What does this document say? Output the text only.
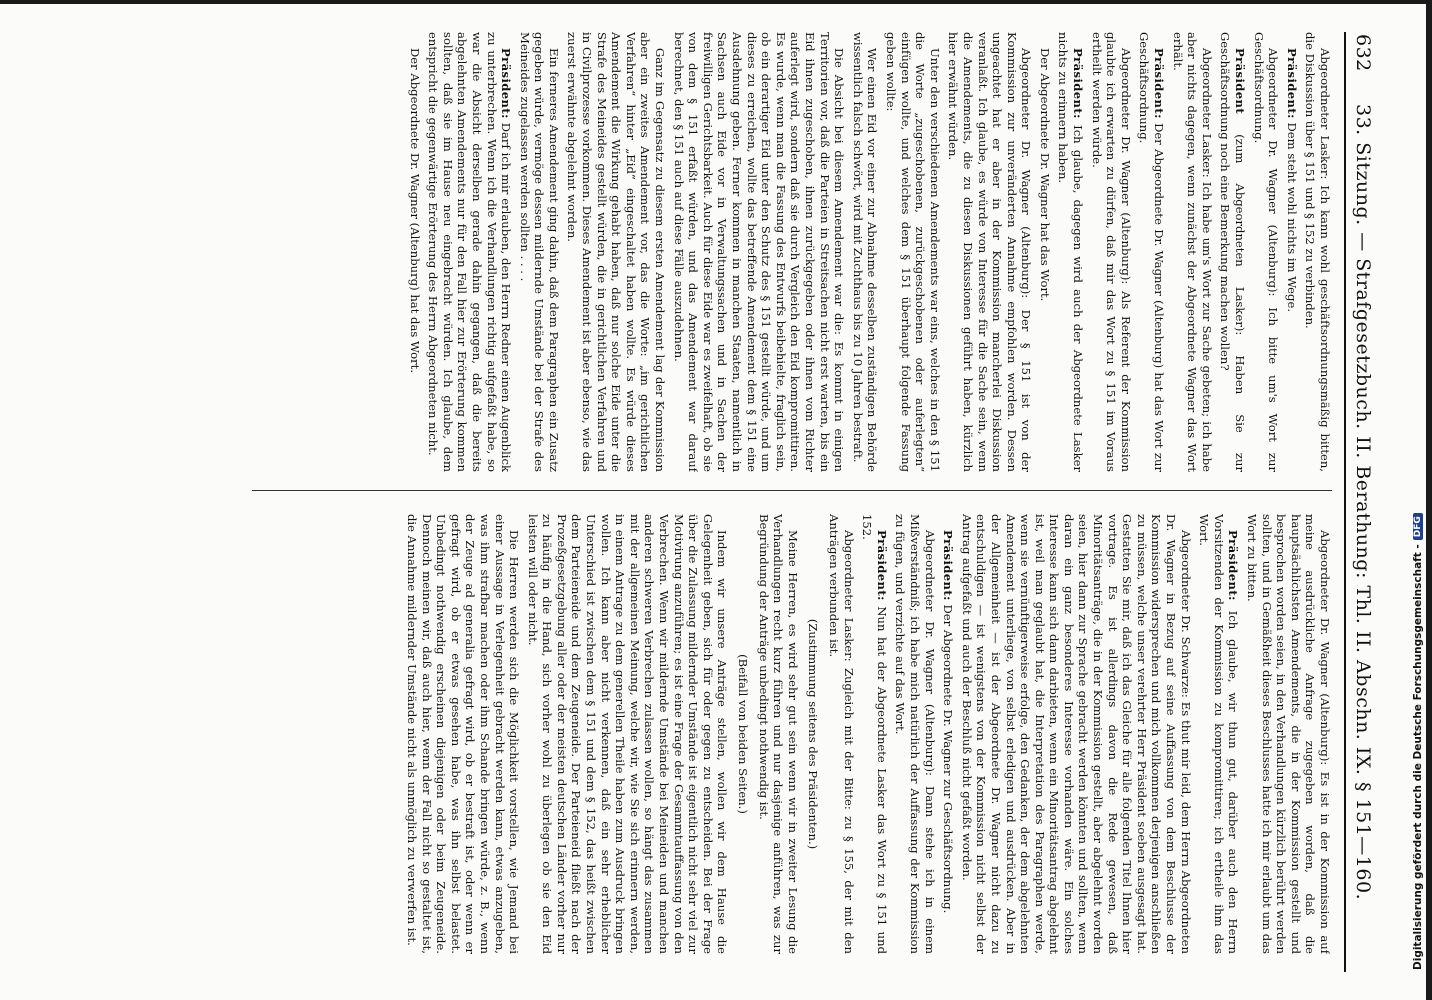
632
33. Sitzung. — Strafgesetzbuch. II. Berathung: Thl. II. Abschn. IX. § 151—160.

Abgeordneter Lasker: Ich kann wohl geschäftsordnungsmäßig bitten, die Diskussion über § 151 und § 152 zu verbinden.

Präsident: Dem steht wohl nichts im Wege.

Abgeordneter Dr. Wagner (Altenburg): Ich bitte um's Wort zur Geschäftsordnung.

Präsident (zum Abgeordneten Lasker): Haben Sie zur Geschäftsordnung noch eine Bemerkung machen wollen?

Abgeordneter Lasker: Ich habe um's Wort zur Sache gebeten; ich habe aber nichts dagegen, wenn zunächst der Abgeordnete Wagner das Wort erhält.

Präsident: Der Abgeordnete Dr. Wagner (Altenburg) hat das Wort zur Geschäftsordnung.

Abgeordneter Dr. Wagner (Altenburg): Als Referent der Kommission glaubte ich erwarten zu dürfen, daß mir das Wort zu § 151 im Voraus ertheilt werden würde.

Präsident: Ich glaube, dagegen wird auch der Abgeordnete Lasker nichts zu erinnern haben.

Der Abgeordnete Dr. Wagner hat das Wort.

Abgeordneter Dr. Wagner (Altenburg): Der § 151 ist von der Kommission zur unveränderten Annahme empfohlen worden. Dessen ungeachtet hat er aber in der Kommission mancherlei Diskussion veranlaßt. Ich glaube, es würde von Interesse für die Sache sein, wenn die Amendements, die zu diesen Diskussionen geführt haben, kürzlich hier erwähnt würden.

Unter den verschiedenen Amendements war eins, welches in den § 151 die Worte „zugeschobenen, zurückgeschobenen oder auferlegten“ einfügen wollte, und welches dem § 151 überhaupt folgende Fassung geben wollte:

Wer einen Eid vor einer zur Abnahme desselben zuständigen Behörde wissentlich falsch schwört, wird mit Zuchthaus bis zu 10 Jahren bestraft.

Die Absicht bei diesem Amendement war die: Es kommt in einigen Territorien vor, daß die Parteien in Streitsachen nicht erst warten, bis ein Eid ihnen zugeschoben, ihnen zurückgegeben oder ihnen vom Richter auferlegt wird, sondern daß sie durch Vergleich den Eid kompromittiren. Es wurde, wenn man die Fassung des Entwurfs beibehielte, fraglich sein, ob ein derartiger Eid unter den Schutz des § 151 gestellt würde, und um dieses zu erreichen, wollte das betreffende Amendement dem § 151 eine Ausdehnung geben. Ferner kommen in manchen Staaten, namentlich in Sachsen auch Eide vor in Verwaltungssachen und in Sachen der freiwilligen Gerichtsbarkeit. Auch für diese Eide war es zweifelhaft, ob sie von dem § 151 erfaßt würden, und das Amendement war darauf berechnet, den § 151 auch auf diese Fälle auszudehnen.

Ganz im Gegensatz zu diesem ersten Amendement lag der Kommission aber ein zweites Amendement vor, das die Worte: „im gerichtlichen Verfahren“ hinter „Eid“ eingeschaltet haben wollte. Es würde dieses Amendement die Wirkung gehabt haben, daß nur solche Eide unter die Strafe des Meineides gestellt würden, die in gerichtlichen Verfahren und in Civilprozesse vorkommen. Dieses Amendement ist aber ebenso, wie das zuerst erwähnte abgelehnt worden.

Ein ferneres Amendement ging dahin, daß dem Paragraphen ein Zusatz gegeben würde, vermöge dessen mildernde Umstände bei der Strafe des Meineides zugelassen werden sollten . . . .

Präsident: Darf ich mir erlauben, den Herrn Redner einen Augenblick zu unterbrechen. Wenn ich die Verhandlungen richtig aufgefaßt habe, so war die Absicht derselben gerade dahin gegangen, daß die bereits abgelehnten Amendements nur für den Fall hier zur Erörterung kommen sollten, daß sie im Hause neu eingebracht würden. Ich glaube, dem entspricht die gegenwärtige Erörterung des Herrn Abgeordneten nicht.

Der Abgeordnete Dr. Wagner (Altenburg) hat das Wort.

Abgeordneter Dr. Wagner (Altenburg): Es ist in der Kommission auf meine ausdrückliche Anfrage zugegeben worden, daß die hauptsächlichsten Amendements, die in der Kommission gestellt und besprochen worden seien, in den Verhandlungen kürzlich berührt werden sollten, und in Gemäßheit dieses Beschlusses hatte ich mir erlaubt um das Wort zu bitten.

Präsident: Ich glaube, wir thun gut, darüber auch den Herrn Vorsitzenden der Kommission zu kompromittiren; ich ertheile ihm das Wort.

Abgeordneter Dr. Schwarze: Es thut mir leid, dem Herrn Abgeordneten Dr. Wagner in Bezug auf seine Auffassung von dem Beschlusse der Kommission widersprechen und mich vollkommen derjenigen anschließen zu müssen, welche unser verehrter Herr Präsident soeben ausgesagt hat. Gestatten Sie mir, daß ich das Gleiche für alle folgenden Titel Ihnen hier vortrage. Es ist allerdings davon die Rede gewesen, daß Minoritätsanträge, die in der Kommission gestellt, aber abgelehnt worden seien, hier dann zur Sprache gebracht werden könnten und sollten, wenn daran ein ganz besonderes Interesse vorhanden wäre. Ein solches Interesse kann sich dann darbieten, wenn ein Minoritätsantrag abgelehnt ist, weil man geglaubt hat, die Interpretation des Paragraphen werde, wenn sie vernünftigerweise erfolge, den Gedanken, der dem abgelehnten Amendement unterliege, von selbst erledigen und ausdrücken. Aber in der Allgemeinheit — ist der Abgeordnete Dr. Wagner nicht dazu zu entschuldigen — ist wenigstens von der Kommission nicht selbst der Antrag aufgefaßt und auch der Beschluß nicht gefaßt worden.

Präsident: Der Abgeordnete Dr. Wagner zur Geschäftsordnung.

Abgeordneter Dr. Wagner (Altenburg): Dann stehe ich in einem Mißverständniß; ich habe mich natürlich der Auffassung der Kommission zu fügen, und verzichte auf das Wort.

Präsident: Nun hat der Abgeordnete Lasker das Wort zu § 151 und 152.

Abgeordneter Lasker: Zugleich mit der Bitte: zu § 155, der mit den Anträgen verbunden ist.

(Zustimmung seitens des Präsidenten.)

Meine Herren, es wird sehr gut sein wenn wir in zweiter Lesung die Verhandlungen recht kurz führen und nur dasjenige anführen, was zur Begründung der Anträge unbedingt nothwendig ist.

(Beifall von beiden Seiten.)

Indem wir unsere Anträge stellen, wollen wir dem Hause die Gelegenheit geben, sich für oder gegen zu entscheiden. Bei der Frage über die Zulassung mildernder Umstände ist eigentlich nicht sehr viel zur Motivirung anzuführen; es ist eine Frage der Gesammtauffassung von den Verbrechen. Wenn wir mildernde Umstände bei Meineiden und manchen anderen schweren Verbrechen zulassen wollen, so hängt das zusammen mit der allgemeinen Meinung, welche wir, wie Sie sich erinnern werden, in einem Antrage zu dem generellen Theile haben zum Ausdruck bringen wollen. Ich kann aber nicht verkennen, daß ein sehr erheblicher Unterschied ist zwischen dem § 151 und dem § 152, das heißt zwischen dem Parteieneide und dem Zeugeneide. Der Parteieneid fließt nach der Prozeßgesetzgebung aller oder der meisten deutschen Länder vorher nur zu häufig in die Hand, sich vorher wohl zu überlegen ob sie den Eid leisten will oder nicht.

Die Herren werden sich die Möglichkeit vorstellen, wie Jemand bei einer Aussage in Verlegenheit gebracht werden kann, etwas anzugeben, was ihm strafbar machen oder ihm Schande bringen würde, z. B., wenn der Zeuge ad generalia gefragt wird, ob er bestraft ist, oder wenn er gefragt wird, ob er etwas gesehen habe, was ihn selbst belastet. Unbedingt nothwendig erscheinen diejenigen oder beim Zeugeneide. Dennoch meinen wir, daß auch hier, wenn der Fall nicht so gestaltet ist, die Annahme mildernder Umstände nicht als unmöglich zu verwerfen ist.	Digitalisierung gefördert durch die Deutsche Forschungsgemeinschaft -
DFG
